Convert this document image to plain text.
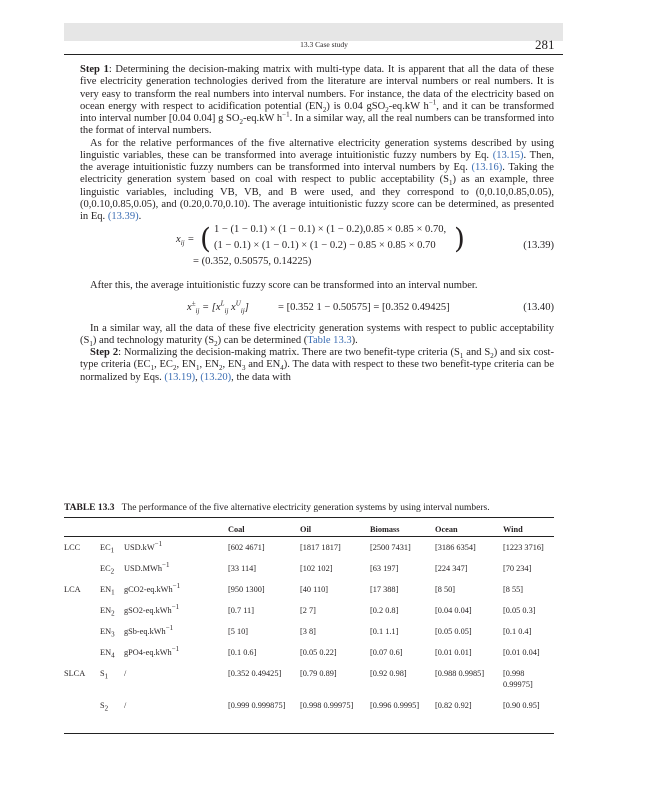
13.3 Case study	281

Step 1: Determining the decision-making matrix with multi-type data. It is apparent that all the data of these five electricity generation technologies derived from the literature are interval numbers or real numbers. It is very easy to transform the real numbers into interval numbers. For instance, the data of the electricity based on ocean energy with respect to acidification potential $(EN_2)$ is 0.04 gSO$_2$-eq.kW $h^{-1}$, and it can be transformed into interval number [0.04 0.04] g $SO_2-eq.kW$ $h^{-1}$. In a similar way, all the real numbers can be transformed into the format of interval numbers.

As for the relative performances of the five alternative electricity generation systems described by using linguistic variables, these can be transformed into average intuitionistic fuzzy numbers by Eq. (13.15). Then, the average intuitionistic fuzzy numbers can be transformed into interval numbers by Eq. (13.16). Taking the electricity generation system based on coal with respect to public acceptability $(S_1)$ as an example, three linguistic variables, including VB, VB, and B were used, and they correspond to (0,0.10,0.85,0.05), (0,0.10,0.85,0.05), and (0.20,0.70,0.10). The average intuitionistic fuzzy score can be determined, as presented in Eq. (13.39).

$x_{ij}$ = ( 1 − (1 − 0.1) × (1 − 0.1) × (1 − 0.2),0.85 × 0.85 × 0.70,
(1 − 0.1) × (1 − 0.1) × (1 − 0.2) − 0.85 × 0.85 × 0.70 )
= (0.352, 0.50575, 0.14225)
(13.39)

After this, the average intuitionistic fuzzy score can be transformed into an interval number.

$x^\pm_{ij} = [x^L_{ij}$ $x^U_{ij}$]	= [0.352 1 − 0.50575] = [0.352 0.49425]	(13.40)

In a similar way, all the data of these five electricity generation systems with respect to public acceptability $(S_1)$ and technology maturity $(S_2)$ can be determined (Table 13.3).

Step 2: Normalizing the decision-making matrix. There are two benefit-type criteria ($S_1$ and $S_2$) and six cost-type criteria ($EC_1$, $EC_2$, $EN_1$, $EN_2$, $EN_3$ and $EN_4$). The data with respect to these two benefit-type criteria can be normalized by Eqs. (13.19), (13.20), the data with

TABLE 13.3 The performance of the five alternative electricity generation systems by using interval numbers.
			Coal	Oil	Biomass	Ocean	Wind
LCC	$EC_1$	$USD.kW^{-1}$	[602 4671]	[1817 1817]	[2500 7431]	[3186 6354]	[1223 3716]
	$EC_2$	USD.MWh$^{-1}$	[33 114]	[102 102]	[63 197]	[224 347]	[70 234]
LCA	$EN_1$	gCO2-eq.kWh$^{-1}$	[950 1300]	[40 110]	[17 388]	[8 50]	[8 55]
	$EN_2$	gSO2-eq.kWh$^{-1}$	[0.7 11]	[2 7]	[0.2 0.8]	[0.04 0.04]	[0.05 0.3]
	$EN_3$	gSb-eq.kWh$^{-1}$	[5 10]	[3 8]	[0.1 1.1]	[0.05 0.05]	[0.1 0.4]
	$EN_4$	gPO4-eq.kWh$^{-1}$	[0.1 0.6]	[0.05 0.22]	[0.07 0.6]	[0.01 0.01]	[0.01 0.04]
SLCA	$S_1$	/	[0.352 0.49425]	[0.79 0.89]	[0.92 0.98]	[0.988 0.9985]	[0.998 0.99975]
	$S_2$	/	[0.999 0.999875]	[0.998 0.99975]	[0.996 0.9995]	[0.82 0.92]	[0.90 0.95]
